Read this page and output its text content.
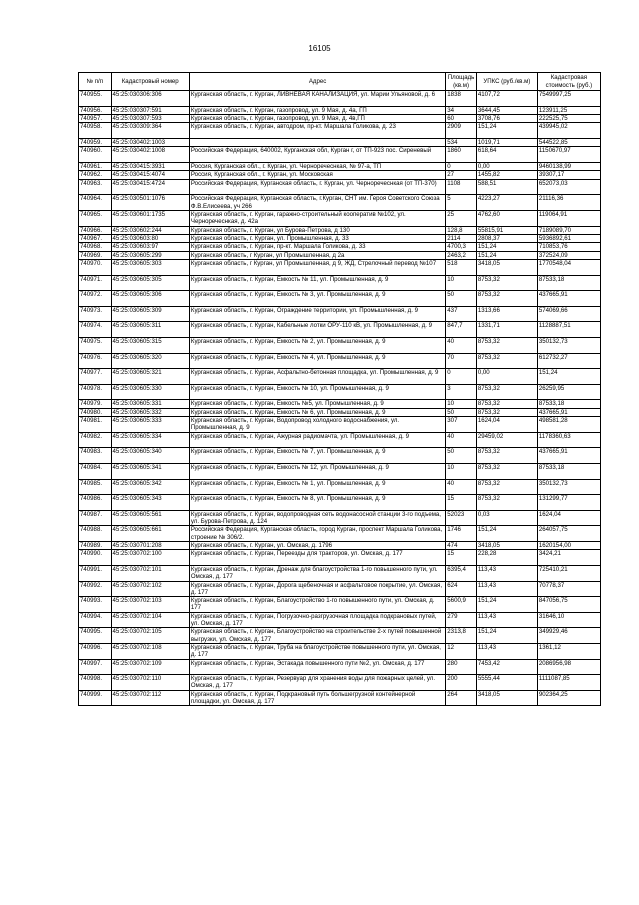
16105
№ п/п	Кадастровый номер	Адрес	Площадь (кв.м)	УПКС (руб./кв.м)	Кадастровая стоимость (руб.)
740955.	45:25:030306:306	Курганская область, г. Курган, ЛИВНЕВАЯ КАНАЛИЗАЦИЯ, ул. Марии Ульяновой, д. 6	1838	4107,72	7549997,25
740956.	45:25:030307:591	Курганская область, г. Курган, газопровод, ул. 9 Мая, д. 4а, ГП	34	3644,45	123911,25
740957.	45:25:030307:593	Курганская область, г. Курган, газопровод, ул. 9 Мая, д. 4в,ГП	60	3708,76	222525,75
740958.	45:25:030309:364	Курганская область, г. Курган, автодром, пр-кт. Маршала Голикова, д. 23	2909	151,24	439945,02
740959.	45:25:030402:1003		534	1019,71	544522,85
740960.	45:25:030402:1008	Российская Федерация, 640002, Курганская обл, Курган г, от ТП-923 пос. Сиреневый	1860	618,64	1150670,97
740961.	45:25:030415:3931	Россия, Курганская обл., г. Курган, ул. Черноречеснкая, № 97-а, ТП	0	0,00	9460138,99
740962.	45:25:030415:4074	Россия, Курганская обл., г. Курган, ул. Московская	27	1455,82	39307,17
740963.	45:25:030415:4724	Российская Федерация, Курганская область, г. Курган, ул. Черноречеснкая (от ТП-370)	1108	588,51	652073,03
740964.	45:25:030501:1076	Российская Федерация, Курганская область, г.Курган, СНТ им. Героя Советского Союза Ф.В.Елисеева, уч 266	5	4223,27	21116,36
740965.	45:25:030601:1735	Курганская область, г. Курган, гаражно-строительный кооператив №102, ул. Черноречеснкая, д. 42а	25	4762,60	119064,91
740966.	45:25:030602:244	Курганская область, г. Курган, ул Бурова-Петрова, д 130	128,8	55815,91	7189089,70
740967.	45:25:030603:80	Курганская область, г. Курган, ул. Промышленная, д. 33	2114	2808,37	5936892,61
740968.	45:25:030603:97	Курганская область, г. Курган, пр-кт. Маршала Голикова, д. 33	4700,3	151,24	710853,76
740969.	45:25:030605:299	Курганская область, г Курган, ул Промышленная, д 2а	2463,2	151,24	372524,09
740970.	45:25:030605:303	Курганская область, г Курган, ул Промышленная, д 9, ЖД, Стрелочный перевод №107	518	3418,05	1770548,04
740971.	45:25:030605:305	Курганская область, г. Курган, Емкость № 11, ул. Промышленная, д. 9	10	8753,32	87533,18
740972.	45:25:030605:306	Курганская область, г. Курган, Емкость № 3, ул. Промышленная, д. 9	50	8753,32	437665,91
740973.	45:25:030605:309	Курганская область, г. Курган, Ограждение территории, ул. Промышленная, д. 9	437	1313,66	574069,66
740974.	45:25:030605:311	Курганская область, г. Курган, Кабельные лотки ОРУ-110 кВ, ул. Промышленная, д. 9	847,7	1331,71	1128887,51
740975.	45:25:030605:315	Курганская область, г. Курган, Емкость № 2, ул. Промышленная, д. 9	40	8753,32	350132,73
740976.	45:25:030605:320	Курганская область, г. Курган, Емкость № 4, ул. Промышленная, д. 9	70	8753,32	612732,27
740977.	45:25:030605:321	Курганская область, г. Курган, Асфальтно-бетонная площадка, ул. Промышленная, д. 9	0	0,00	151,24
740978.	45:25:030605:330	Курганская область, г. Курган, Емкость № 10, ул. Промышленная, д. 9	3	8753,32	26259,95
740979.	45:25:030605:331	Курганская область, г. Курган, Емкость №5, ул. Промышленная, д. 9	10	8753,32	87533,18
740980.	45:25:030605:332	Курганская область, г. Курган, Емкость № 6, ул. Промышленная, д. 9	50	8753,32	437665,91
740981.	45:25:030605:333	Курганская область, г. Курган, Водопровод холодного водоснабжения, ул. Промышленная, д. 9	307	1624,04	498581,28
740982.	45:25:030605:334	Курганская область, г. Курган, Ажурная радиомачта, ул. Промышленная, д. 9	40	29459,02	1178360,63
740983.	45:25:030605:340	Курганская область, г. Курган, Емкость № 7, ул. Промышленная, д. 9	50	8753,32	437665,91
740984.	45:25:030605:341	Курганская область, г. Курган, Емкость № 12, ул. Промышленная, д. 9	10	8753,32	87533,18
740985.	45:25:030605:342	Курганская область, г. Курган, Емкость № 1, ул. Промышленная, д. 9	40	8753,32	350132,73
740986.	45:25:030605:343	Курганская область, г. Курган, Емкость № 8, ул. Промышленная, д. 9	15	8753,32	131299,77
740987.	45:25:030605:561	Курганская область, г. Курган, водопроводная сеть водонасосной станции 3-го подъема, ул. Бурова-Петрова, д. 124	52023	0,03	1624,04
740988.	45:25:030605:661	Российская Федерация, Курганская область, город Курган, проспект Маршала Голикова, строение № 306/2.	1746	151,24	264057,75
740989.	45:25:030701:208	Курганская область, г. Курган, ул. Омская, д. 1796	474	3418,05	1620154,00
740990.	45:25:030702:100	Курганская область, г. Курган, Переезды для тракторов, ул. Омская, д. 177	15	228,28	3424,21
740991.	45:25:030702:101	Курганская область, г. Курган, Дренаж для благоустройства 1-го повышенного пути, ул. Омская, д. 177	6395,4	113,43	725410,21
740992.	45:25:030702:102	Курганская область, г. Курган, Дорога щебеночная и асфальтовое покрытие, ул. Омская, д. 177	624	113,43	70778,37
740993.	45:25:030702:103	Курганская область, г. Курган, Благоустройство 1-го повышенного пути, ул. Омская, д. 177	5600,9	151,24	847056,75
740994.	45:25:030702:104	Курганская область, г. Курган, Погрузочно-разгрузочная площадка подкрановых путей, ул. Омская, д. 177	279	113,43	31646,10
740995.	45:25:030702:105	Курганская область, г. Курган, Благоустройство на строительстве 2-х путей повышенной выгрузки, ул. Омская, д. 177	2313,8	151,24	349929,46
740996.	45:25:030702:108	Курганская область, г. Курган, Труба на благоустройстве повышенного пути, ул. Омская, д. 177	12	113,43	1361,12
740997.	45:25:030702:109	Курганская область, г. Курган, Эстакада повышенного пути №2, ул. Омская, д. 177	280	7453,42	2086956,98
740998.	45:25:030702:110	Курганская область, г. Курган, Резервуар для хранения воды для пожарных целей, ул. Омская, д. 177	200	5555,44	1111087,85
740999.	45:25:030702:112	Курганская область, г. Курган, Подкрановый путь большегрузной контейнерной площадки, ул. Омская, д. 177	264	3418,05	902364,25
